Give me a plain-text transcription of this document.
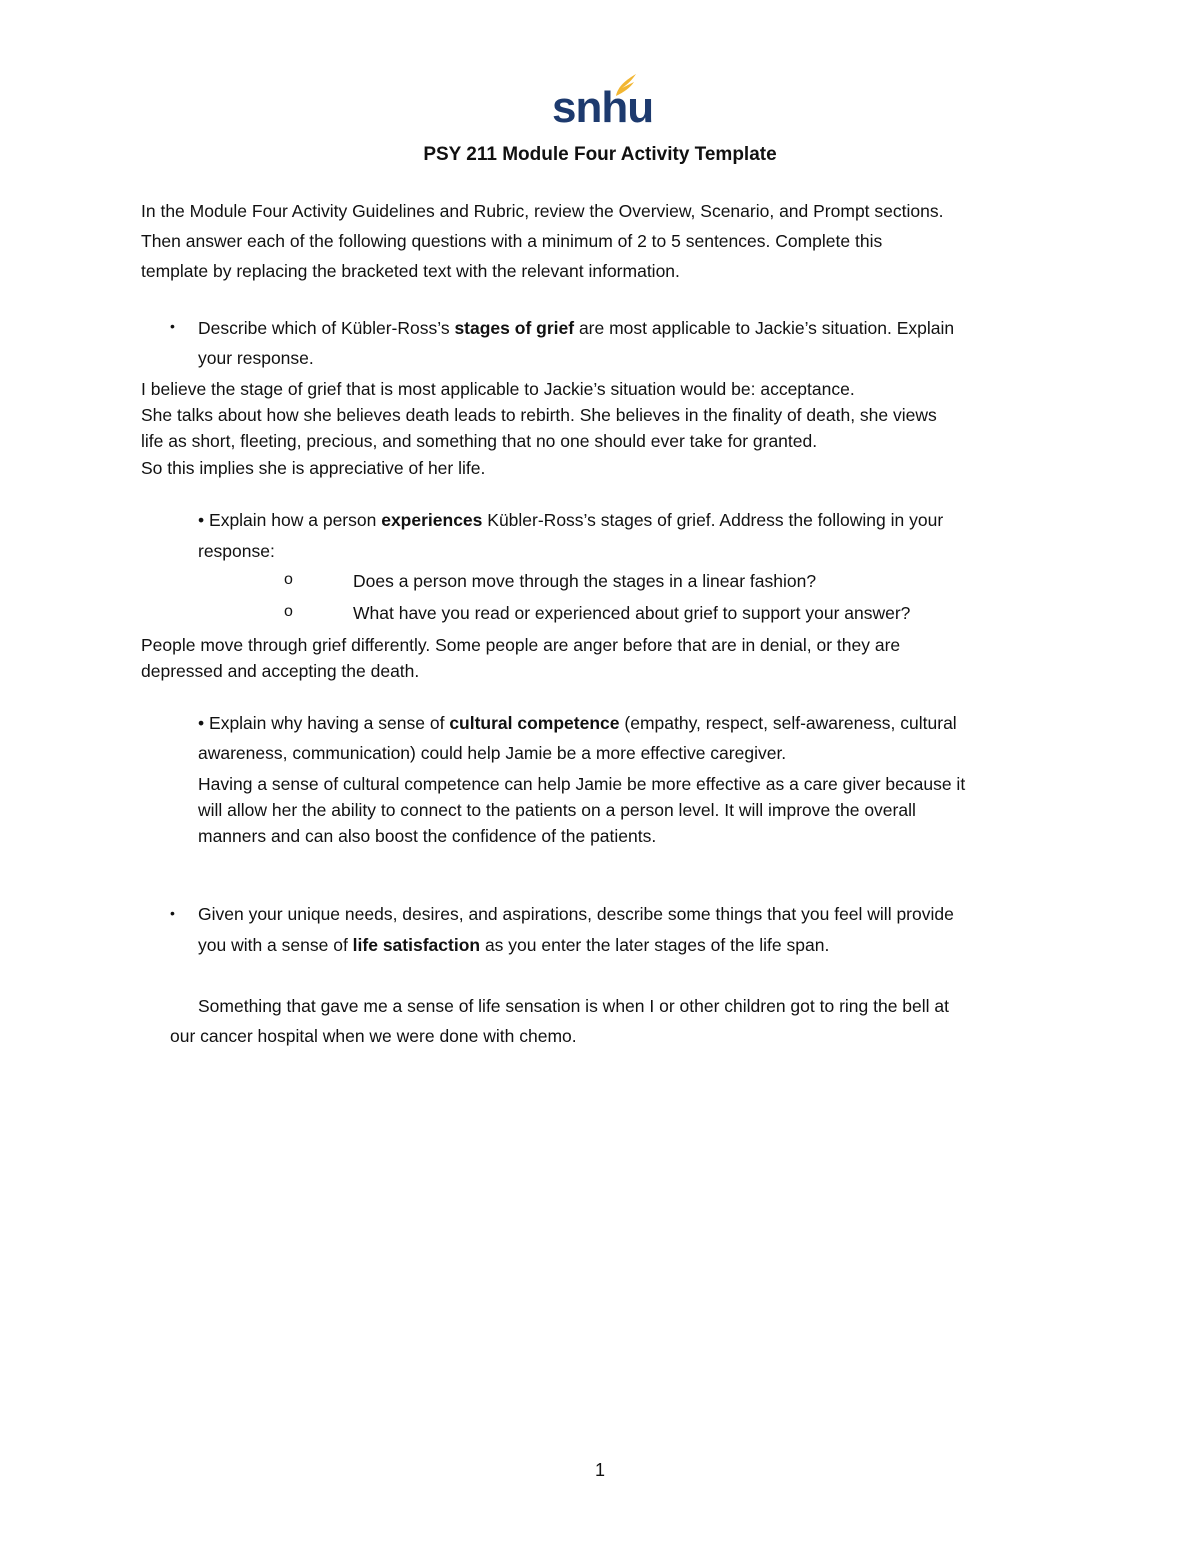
snhu
PSY 211 Module Four Activity Template
In the Module Four Activity Guidelines and Rubric, review the Overview, Scenario, and Prompt sections.
Then answer each of the following questions with a minimum of 2 to 5 sentences. Complete this
template by replacing the bracketed text with the relevant information.
• Describe which of Kübler-Ross’s stages of grief are most applicable to Jackie’s situation. Explain
your response.
I believe the stage of grief that is most applicable to Jackie’s situation would be: acceptance.
She talks about how she believes death leads to rebirth. She believes in the finality of death, she views
life as short, fleeting, precious, and something that no one should ever take for granted.
So this implies she is appreciative of her life.
• Explain how a person experiences Kübler-Ross’s stages of grief. Address the following in your
response:
o	Does a person move through the stages in a linear fashion?
o	What have you read or experienced about grief to support your answer?
People move through grief differently. Some people are anger before that are in denial, or they are
depressed and accepting the death.
• Explain why having a sense of cultural competence (empathy, respect, self-awareness, cultural
awareness, communication) could help Jamie be a more effective caregiver.
Having a sense of cultural competence can help Jamie be more effective as a care giver because it
will allow her the ability to connect to the patients on a person level. It will improve the overall
manners and can also boost the confidence of the patients.
• Given your unique needs, desires, and aspirations, describe some things that you feel will provide
you with a sense of life satisfaction as you enter the later stages of the life span.
Something that gave me a sense of life sensation is when I or other children got to ring the bell at
our cancer hospital when we were done with chemo.
1
